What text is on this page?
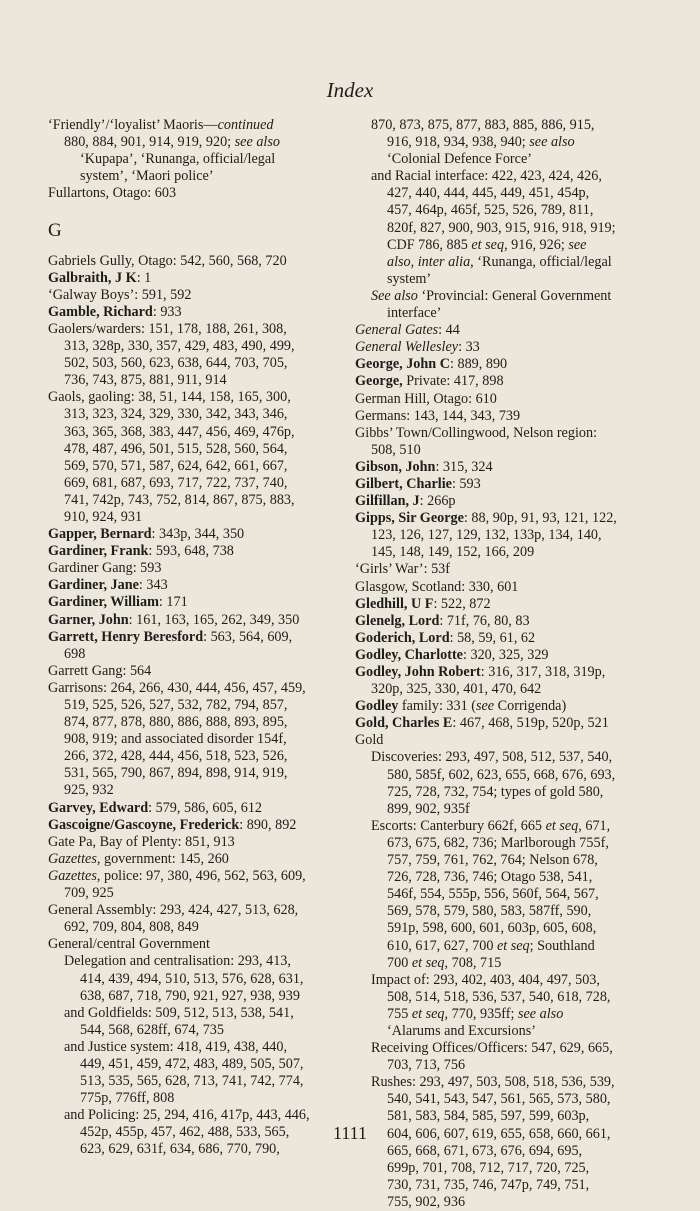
Index
‘Friendly’/‘loyalist’ Maoris—continued
880, 884, 901, 914, 919, 920; see also ‘Kupapa’, ‘Runanga, official/legal system’, ‘Maori police’
Fullartons, Otago: 603
G
Gabriels Gully, Otago: 542, 560, 568, 720
Galbraith, J K: 1
‘Galway Boys’: 591, 592
Gamble, Richard: 933
Gaolers/warders: 151, 178, 188, 261, 308, 313, 328p, 330, 357, 429, 483, 490, 499, 502, 503, 560, 623, 638, 644, 703, 705, 736, 743, 875, 881, 911, 914
Gaols, gaoling: 38, 51, 144, 158, 165, 300, 313, 323, 324, 329, 330, 342, 343, 346, 363, 365, 368, 383, 447, 456, 469, 476p, 478, 487, 496, 501, 515, 528, 560, 564, 569, 570, 571, 587, 624, 642, 661, 667, 669, 681, 687, 693, 717, 722, 737, 740, 741, 742p, 743, 752, 814, 867, 875, 883, 910, 924, 931
Gapper, Bernard: 343p, 344, 350
Gardiner, Frank: 593, 648, 738
Gardiner Gang: 593
Gardiner, Jane: 343
Gardiner, William: 171
Garner, John: 161, 163, 165, 262, 349, 350
Garrett, Henry Beresford: 563, 564, 609, 698
Garrett Gang: 564
Garrisons: 264, 266, 430, 444, 456, 457, 459, 519, 525, 526, 527, 532, 782, 794, 857, 874, 877, 878, 880, 886, 888, 893, 895, 908, 919; and associated disorder 154f, 266, 372, 428, 444, 456, 518, 523, 526, 531, 565, 790, 867, 894, 898, 914, 919, 925, 932
Garvey, Edward: 579, 586, 605, 612
Gascoigne/Gascoyne, Frederick: 890, 892
Gate Pa, Bay of Plenty: 851, 913
Gazettes, government: 145, 260
Gazettes, police: 97, 380, 496, 562, 563, 609, 709, 925
General Assembly: 293, 424, 427, 513, 628, 692, 709, 804, 808, 849
General/central Government
Delegation and centralisation: 293, 413, 414, 439, 494, 510, 513, 576, 628, 631, 638, 687, 718, 790, 921, 927, 938, 939
and Goldfields: 509, 512, 513, 538, 541, 544, 568, 628ff, 674, 735
and Justice system: 418, 419, 438, 440, 449, 451, 459, 472, 483, 489, 505, 507, 513, 535, 565, 628, 713, 741, 742, 774, 775p, 776ff, 808
and Policing: 25, 294, 416, 417p, 443, 446, 452p, 455p, 457, 462, 488, 533, 565, 623, 629, 631f, 634, 686, 770, 790,
870, 873, 875, 877, 883, 885, 886, 915, 916, 918, 934, 938, 940; see also ‘Colonial Defence Force’
and Racial interface: 422, 423, 424, 426, 427, 440, 444, 445, 449, 451, 454p, 457, 464p, 465f, 525, 526, 789, 811, 820f, 827, 900, 903, 915, 916, 918, 919; CDF 786, 885 et seq, 916, 926; see also, inter alia, ‘Runanga, official/legal system’
See also ‘Provincial: General Government interface’
General Gates: 44
General Wellesley: 33
George, John C: 889, 890
George, Private: 417, 898
German Hill, Otago: 610
Germans: 143, 144, 343, 739
Gibbs’ Town/Collingwood, Nelson region: 508, 510
Gibson, John: 315, 324
Gilbert, Charlie: 593
Gilfillan, J: 266p
Gipps, Sir George: 88, 90p, 91, 93, 121, 122, 123, 126, 127, 129, 132, 133p, 134, 140, 145, 148, 149, 152, 166, 209
‘Girls’ War’: 53f
Glasgow, Scotland: 330, 601
Gledhill, U F: 522, 872
Glenelg, Lord: 71f, 76, 80, 83
Goderich, Lord: 58, 59, 61, 62
Godley, Charlotte: 320, 325, 329
Godley, John Robert: 316, 317, 318, 319p, 320p, 325, 330, 401, 470, 642
Godley family: 331 (see Corrigenda)
Gold, Charles E: 467, 468, 519p, 520p, 521
Gold
Discoveries: 293, 497, 508, 512, 537, 540, 580, 585f, 602, 623, 655, 668, 676, 693, 725, 728, 732, 754; types of gold 580, 899, 902, 935f
Escorts: Canterbury 662f, 665 et seq, 671, 673, 675, 682, 736; Marlborough 755f, 757, 759, 761, 762, 764; Nelson 678, 726, 728, 736, 746; Otago 538, 541, 546f, 554, 555p, 556, 560f, 564, 567, 569, 578, 579, 580, 583, 587ff, 590, 591p, 598, 600, 601, 603p, 605, 608, 610, 617, 627, 700 et seq; Southland 700 et seq, 708, 715
Impact of: 293, 402, 403, 404, 497, 503, 508, 514, 518, 536, 537, 540, 618, 728, 755 et seq, 770, 935ff; see also ‘Alarums and Excursions’
Receiving Offices/Officers: 547, 629, 665, 703, 713, 756
Rushes: 293, 497, 503, 508, 518, 536, 539, 540, 541, 543, 547, 561, 565, 573, 580, 581, 583, 584, 585, 597, 599, 603p, 604, 606, 607, 619, 655, 658, 660, 661, 665, 668, 671, 673, 676, 694, 695, 699p, 701, 708, 712, 717, 720, 725, 730, 731, 735, 746, 747p, 749, 751, 755, 902, 936
1111
